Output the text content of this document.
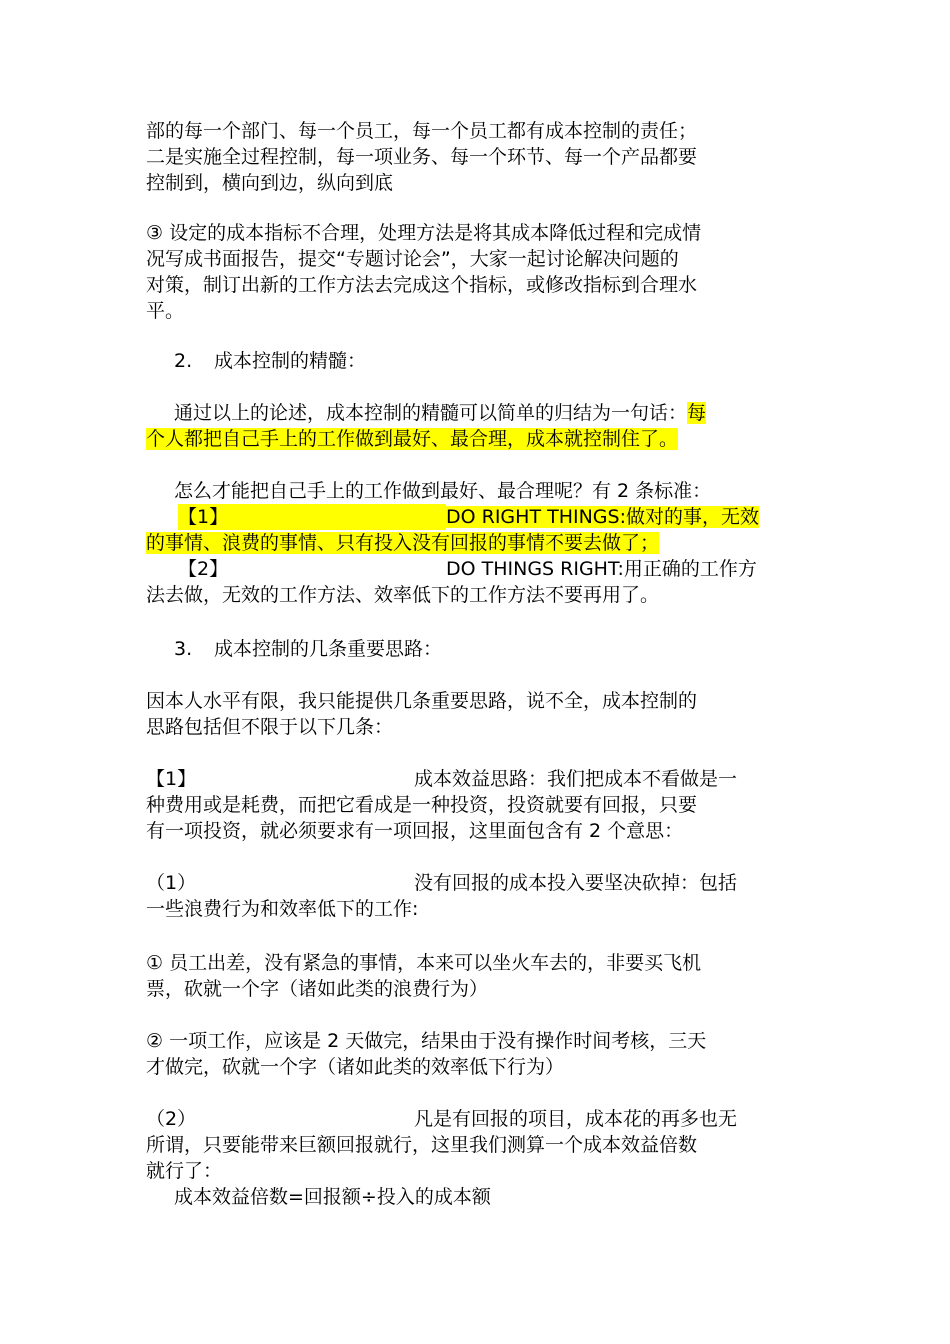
部的每一个部门、每一个员工，每一个员工都有成本控制的责任；
二是实施全过程控制，每一项业务、每一个环节、每一个产品都要
控制到，横向到边，纵向到底
③ 设定的成本指标不合理，处理方法是将其成本降低过程和完成情
况写成书面报告，提交“专题讨论会”，大家一起讨论解决问题的
对策，制订出新的工作方法去完成这个指标，或修改指标到合理水
平。
2. 成本控制的精髓：
通过以上的论述，成本控制的精髓可以简单的归结为一句话：每
个人都把自己手上的工作做到最好、最合理，成本就控制住了。
怎么才能把自己手上的工作做到最好、最合理呢？有 2 条标准：
【1】	DO RIGHT THINGS:做对的事，无效
的事情、浪费的事情、只有投入没有回报的事情不要去做了；
【2】	DO THINGS RIGHT:用正确的工作方
法去做，无效的工作方法、效率低下的工作方法不要再用了。
3. 成本控制的几条重要思路：
因本人水平有限，我只能提供几条重要思路，说不全，成本控制的
思路包括但不限于以下几条：
【1】	成本效益思路：我们把成本不看做是一
种费用或是耗费，而把它看成是一种投资，投资就要有回报，只要
有一项投资，就必须要求有一项回报，这里面包含有 2 个意思：
（1）	没有回报的成本投入要坚决砍掉：包括
一些浪费行为和效率低下的工作:
① 员工出差，没有紧急的事情，本来可以坐火车去的，非要买飞机
票，砍就一个字（诸如此类的浪费行为）
② 一项工作，应该是 2 天做完，结果由于没有操作时间考核，三天
才做完，砍就一个字（诸如此类的效率低下行为）
（2）	凡是有回报的项目，成本花的再多也无
所谓，只要能带来巨额回报就行，这里我们测算一个成本效益倍数
就行了：
成本效益倍数=回报额÷投入的成本额
